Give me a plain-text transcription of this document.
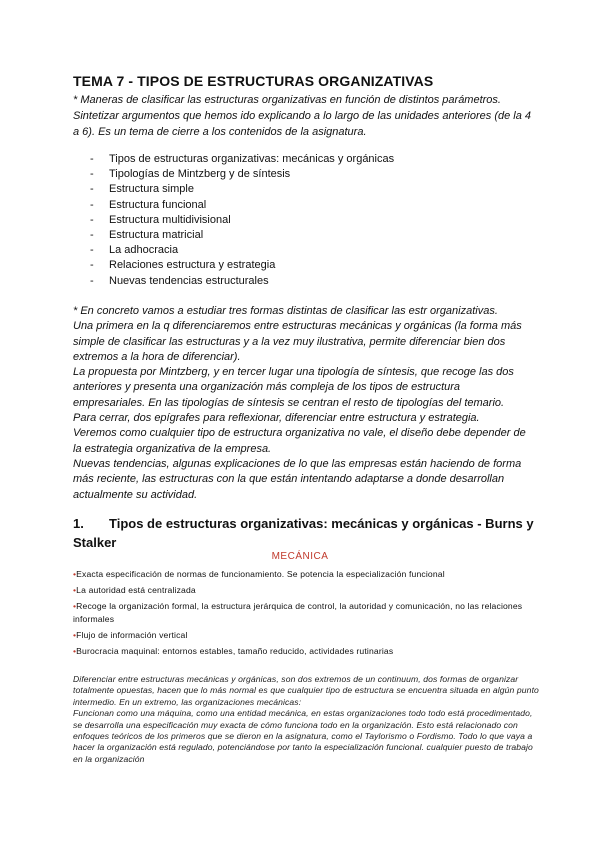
TEMA 7 - TIPOS DE ESTRUCTURAS ORGANIZATIVAS

* Maneras de clasificar las estructuras organizativas en función de distintos parámetros. Sintetizar argumentos que hemos ido explicando a lo largo de las unidades anteriores (de la 4 a 6). Es un tema de cierre a los contenidos de la asignatura.

- Tipos de estructuras organizativas: mecánicas y orgánicas
- Tipologías de Mintzberg y de síntesis
- Estructura simple
- Estructura funcional
- Estructura multidivisional
- Estructura matricial
- La adhocracia
- Relaciones estructura y estrategia
- Nuevas tendencias estructurales

* En concreto vamos a estudiar tres formas distintas de clasificar las estr organizativas.

Una primera en la q diferenciaremos entre estructuras mecánicas y orgánicas (la forma más simple de clasificar las estructuras y a la vez muy ilustrativa, permite diferenciar bien dos extremos a la hora de diferenciar).

La propuesta por Mintzberg, y en tercer lugar una tipología de síntesis, que recoge las dos anteriores y presenta una organización más compleja de los tipos de estructura empresariales. En las tipologías de síntesis se centran el resto de tipologías del temario.

Para cerrar, dos epígrafes para reflexionar, diferenciar entre estructura y estrategia.

Veremos como cualquier tipo de estructura organizativa no vale, el diseño debe depender de la estrategia organizativa de la empresa.

Nuevas tendencias, algunas explicaciones de lo que las empresas están haciendo de forma más reciente, las estructuras con la que están intentando adaptarse a donde desarrollan actualmente su actividad.

1. Tipos de estructuras organizativas: mecánicas y orgánicas - Burns y Stalker
MECÁNICA
•Exacta especificación de normas de funcionamiento. Se potencia la especialización funcional
•La autoridad está centralizada
•Recoge la organización formal, la estructura jerárquica de control, la autoridad y comunicación, no las relaciones informales
•Flujo de información vertical
•Burocracia maquinal: entornos estables, tamaño reducido, actividades rutinarias

Diferenciar entre estructuras mecánicas y orgánicas, son dos extremos de un continuum, dos formas de organizar totalmente opuestas, hacen que lo más normal es que cualquier tipo de estructura se encuentra situada en algún punto intermedio. En un extremo, las organizaciones mecánicas:

Funcionan como una máquina, como una entidad mecánica, en estas organizaciones todo todo está procedimentado, se desarrolla una especificación muy exacta de cómo funciona todo en la organización. Esto está relacionado con enfoques teóricos de los primeros que se dieron en la asignatura, como el Taylorismo o Fordismo. Todo lo que vaya a hacer la organización está regulado, potenciándose por tanto la especialización funcional. cualquier puesto de trabajo en la organización
